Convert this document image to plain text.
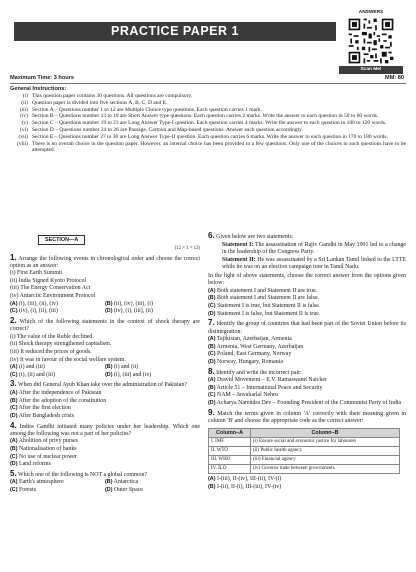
PRACTICE PAPER 1
ANSWERS
Scan Me!
Maximum Time: 3 hours	MM: 80
General Instructions:
(i) This question paper contains 30 questions. All questions are compulsory.
(ii) Question paper is divided into five sections A, B, C, D and E.
(iii) Section A – Questions number 1 to 12 are Multiple Choice type questions. Each question carries 1 mark.
(iv) Section B – Questions number 13 to 18 are Short Answer type questions. Each question carries 2 marks. Write the answer to each question in 50 to 60 words.
(v) Section C – Questions number 19 to 23 are Long Answer Type-I question. Each question carries 4 marks. Write the answer to each question in 100 to 120 words.
(vi) Section D – Questions number 24 to 26 are Passage, Cartoon and Map-based questions. Answer each question accordingly.
(vii) Section E – Questions number 27 to 30 are Long Answer Type-II question. Each question carries 6 marks. Write the answer to each question in 170 to 180 words.
(viii) There is no overall choice in the question paper. However, an internal choice has been provided in a few questions. Only one of the choices in such questions have to be attempted.
SECTION—A
(12 × 1 = 12)
1. Arrange the following events in chronological order and choose the correct option as an answer:
(i) First Earth Summit
(ii) India Signed Kyoto Protocol
(iii) The Energy Conservation Act
(iv) Antarctic Environment Protocol
(A) (i), (iii), (ii), (iv)	(B) (ii), (iv), (iii), (i)
(C) (iv), (i), (ii), (iii)	(D) (iv), (i), (iii), (ii)
2. Which of the following statements in the context of shock therapy are correct?
(i) The value of the Ruble declined.
(ii) Shock therapy strengthened capitalism.
(iii) It reduced the prices of goods.
(iv) It was in favour of the social welfare system.
(A) (i) and (iii)	(B) (i) and (ii)
(C) (i), (ii) and (iii)	(D) (i), (iii) and (iv)
3. When did General Ayub Khan take over the administration of Pakistan?
(A) After the independence of Pakistan
(B) After the adoption of the constitution
(C) After the first election
(D) After Bangladesh crisis
4. Indira Gandhi initiated many policies under her leadership. Which one among the following was not a part of her policies?
(A) Abolition of privy purses
(B) Nationalisation of banks
(C) No use of nuclear power
(D) Land reforms
5. Which one of the following is NOT a global common?
(A) Earth's atmosphere	(B) Antarctica
(C) Forests	(D) Outer Space
6. Given below are two statements:
Statement I: The assassination of Rajiv Gandhi in May 1991 led to a change in the leadership of the Congress Party.
Statement II: He was assassinated by a Sri Lankan Tamil linked to the LTTE while he was on an election campaign tour in Tamil Nadu.
In the light of above statements, choose the correct answer from the options given below:
(A) Both statement I and Statement II are true.
(B) Both statement I and Statement II are false.
(C) Statement I is true, but Statement II is false.
(D) Statement I is false, but Statement II is true.
7. Identify the group of countries that had been part of the Soviet Union before its disintegration:
(A) Tajikistan, Azerbaijan, Armenia
(B) Armenia, West Germany, Azerbaijan
(C) Poland, East Germany, Norway
(D) Norway, Hungary, Romania
8. Identify and write the incorrect pair:
(A) Dravid Movement – E.V. Ramaswami Naicker
(B) Article 51 – International Peace and Security
(C) NAM – Jawaharlal Nehru
(D) Acharya Narendra Dev – Founding President of the Communist Party of India
9. Match the terms given in column 'A' correctly with their meaning given in column 'B' and choose the appropriate code as the correct answer:
Column–A	Column–B
I. IMF	(i) Ensure social and economic justice for labourers
II. WTO	(ii) Public health agency
III. WHO	(iii) Financial agency
IV. ILO	(iv) Governs trade between governments
(A) I-(iii), II-(iv), III-(ii), IV-(i)
(B) I-(ii), II-(i), III-(iii), IV-(iv)
